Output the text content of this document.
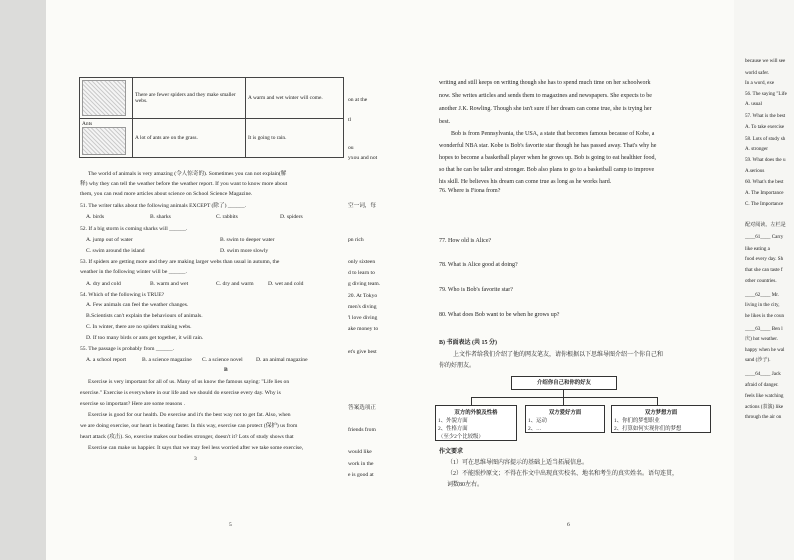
	There are fewer spiders and they make smaller webs.	A warm and wet winter will come.

Ants	A lot of ants are on the grass.	It is going to rain.
on at the
tl
ou
yxou and not
The world of animals is very amazing (令人惊奇的). Sometimes you can not explain(解
释) why they can tell the weather before the weather report. If you want to know more about
them, you can read more articles about science on School Science Magazine.
51. The writer talks about the following animals EXCEPT (除了) ______.
A. birds	B. sharks	C. rabbits	D. spiders
52. If a big storm is coming sharks will ______.
A. jump out of water	B. swim to deeper water
C. swim around the island	D. swim more slowly
53. If spiders are getting more and they are making larger webs than usual in autumn, the
weather in the following winter will be ______.
A. dry and cold	B. warm and wet	C. dry and warm	D. wet and cold
54. Which of the following is TRUE?
A. Few animals can feel the weather changes.
B.Scientists can't explain the behaviours of animals.
C. In winter, there are no spiders making webs.
D. If too many birds or ants get together, it will rain.
55. The passage is probably from ______.
A. a school report	B. a science magazine C. a science novel D. an animal magazine
B
Exercise is very important for all of us. Many of us know the famous saying: "Life lies on
exercise." Exercise is everywhere in our life and we should do exercise every day. Why is
exercise so important? Here are some reasons .
Exercise is good for our health. Do exercise and it's the best way not to get fat. Also, when
we are doing exercise, our heart is beating faster. In this way, exercise can protect (保护) us from
heart attack (攻击). So, exercise makes our bodies stronger, doesn't it? Lots of study shows that
Exercise can make us happier. It says that we may feel less worried after we take some exercise,
3
5
空一词，每
pn rich
only sixteen
d to learn to
g diving team.
20. At Tokyo
men's diving
'l love diving
ake money to
et's give best
答案选项正
friends from
would like
work in the
e is good at
writing and still keeps on writing though she has to spend much time on her schoolwork
now. She writes articles and sends them to magazines and newspapers. She expects to be
another J.K. Rowling. Though she isn't sure if her dream can come true, she is trying her
best.
Bob is from Pennsylvania, the USA, a state that becomes famous because of Kobe, a
wonderful NBA star. Kobe is Bob's favorite star though he has passed away. That's why he
hopes to become a basketball player when he grows up. Bob is going to eat healthier food,
so that he can be taller and stronger. Bob also plans to go to a basketball camp to improve
his skill. He believes his dream can come true as long as he works hard.
76. Where is Fiona from?
77. How old is Alice?
78. What is Alice good at doing?
79. Who is Bob's favorite star?
80. What does Bob want to be when he grows up?
B) 书面表达 (共 15 分)
上文作者给我们介绍了他的网友笔友，请你根据以下思维导图介绍一个你自己和
你的好朋友。
介绍你自己和你的好友
双方的外貌及性格
1、外貌方面
2、性格方面
（至少2个比较级）
双方爱好方面
1、运动
2、…
双方梦想方面
1、你们的梦想职业
2、打算如何实现你们的梦想
作文要求
（1）可在思维导图内容提示的基础上适当拓展信息。
（2）不能照抄原文；不得在作文中出现真实校名、地名和考生的真实姓名。语句连贯，
词数80左右。
6
because we will see
world safer.
In a word, exe
56. The saying "Life
A. usual
57. What is the best
A. To take exercise
58. Lots of study sh
A. stronger
59. What does the u
A.serious
60. What's the best
A. The Importance
C. The Importance
配对阅读。左栏是
____61____ Carry
like eating a
food every day. Sh
that she can taste f
other countries.
____62____ Mr.
living in the city,
he likes is the coun
____63____ Ben l
庆) hot weather.
happy when he wal
sand (沙子).
____64____ Jack
afraid of danger.
feels like watching
actions (表演) like
through the air on
